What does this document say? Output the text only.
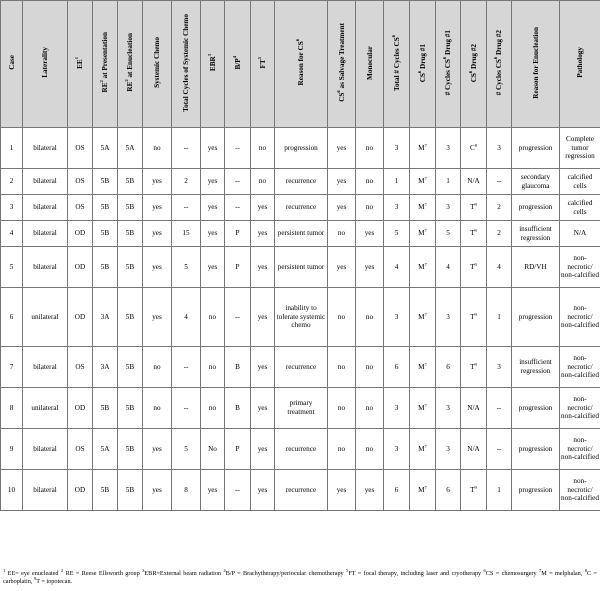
Case	Laterality	$EE^1$	$RE^2$ at Presentation	$RE^2$ at Enucleation	Systemic Chemo	Total Cycles of Systemic Chemo	EBR$^3$	$B/P^4$	$FT^5$	Reason for $CS^6$	$CS^6$ as Salvage Treatment	Monocular	Total # Cycles $CS^6$	$CS^6$ Drug #1	# Cycles $CS^6$ Drug #1	$CS^6$ Drug #2	# Cycles $CS^6$ Drug #2	Reason for Enucleation	Pathology
1	bilateral	OS	5A	5A	no	--	yes	--	no	progression	yes	no	3	$M^7$	3	$C^8$	3	progression	Complete tumor regression
2	bilateral	OS	5B	5B	yes	2	yes	--	no	recurrence	yes	no	1	$M^7$	1	N/A	--	secondary glaucoma	calcified cells
3	bilateral	OS	5B	5B	yes	--	yes	--	yes	recurrence	yes	no	3	$M^7$	3	$T^9$	2	progression	calcified cells
4	bilateral	OD	5B	5B	yes	15	yes	P	yes	persistent tumor	no	yes	5	$M^7$	5	$T^9$	2	insufficient regression	N/A
5	bilateral	OD	5B	5B	yes	5	yes	P	yes	persistent tumor	yes	yes	4	$M^7$	4	$T^9$	4	RD/VH	non-necrotic/ non-calcified
6	unilateral	OD	3A	5B	yes	4	no	--	yes	inability to tolerate systemic chemo	no	no	3	$M^7$	3	$T^9$	1	progression	non-necrotic/ non-calcified
7	bilateral	OS	3A	5B	no	--	no	B	yes	recurrence	no	no	6	$M^7$	6	$T^9$	3	insufficient regression	non-necrotic/ non-calcified
8	unilateral	OD	5B	5B	no	--	no	B	yes	primary treatment	no	no	3	$M^7$	3	N/A	--	progression	non-necrotic/ non-calcified
9	bilateral	OS	5A	5B	yes	5	No	P	yes	recurrence	no	no	3	$M^7$	3	N/A	--	progression	non-necrotic/ non-calcified
10	bilateral	OD	5B	5B	yes	8	yes	--	yes	recurrence	yes	yes	6	$M^7$	6	$T^9$	1	progression	non-necrotic/ non-calcified
$^1$ EE= eye enucleated $^2$ RE = Reese Ellsworth group $^3$EBR=External beam radiation $^4$B/P = Brachytherapy/periocular chemotherapy $^5$FT = focal therapy, including laser and cryotherapy $^6$CS = chemosurgery $^7$M = melphalan, $^8$C = carboplatin, $^9$T = topotecan.
